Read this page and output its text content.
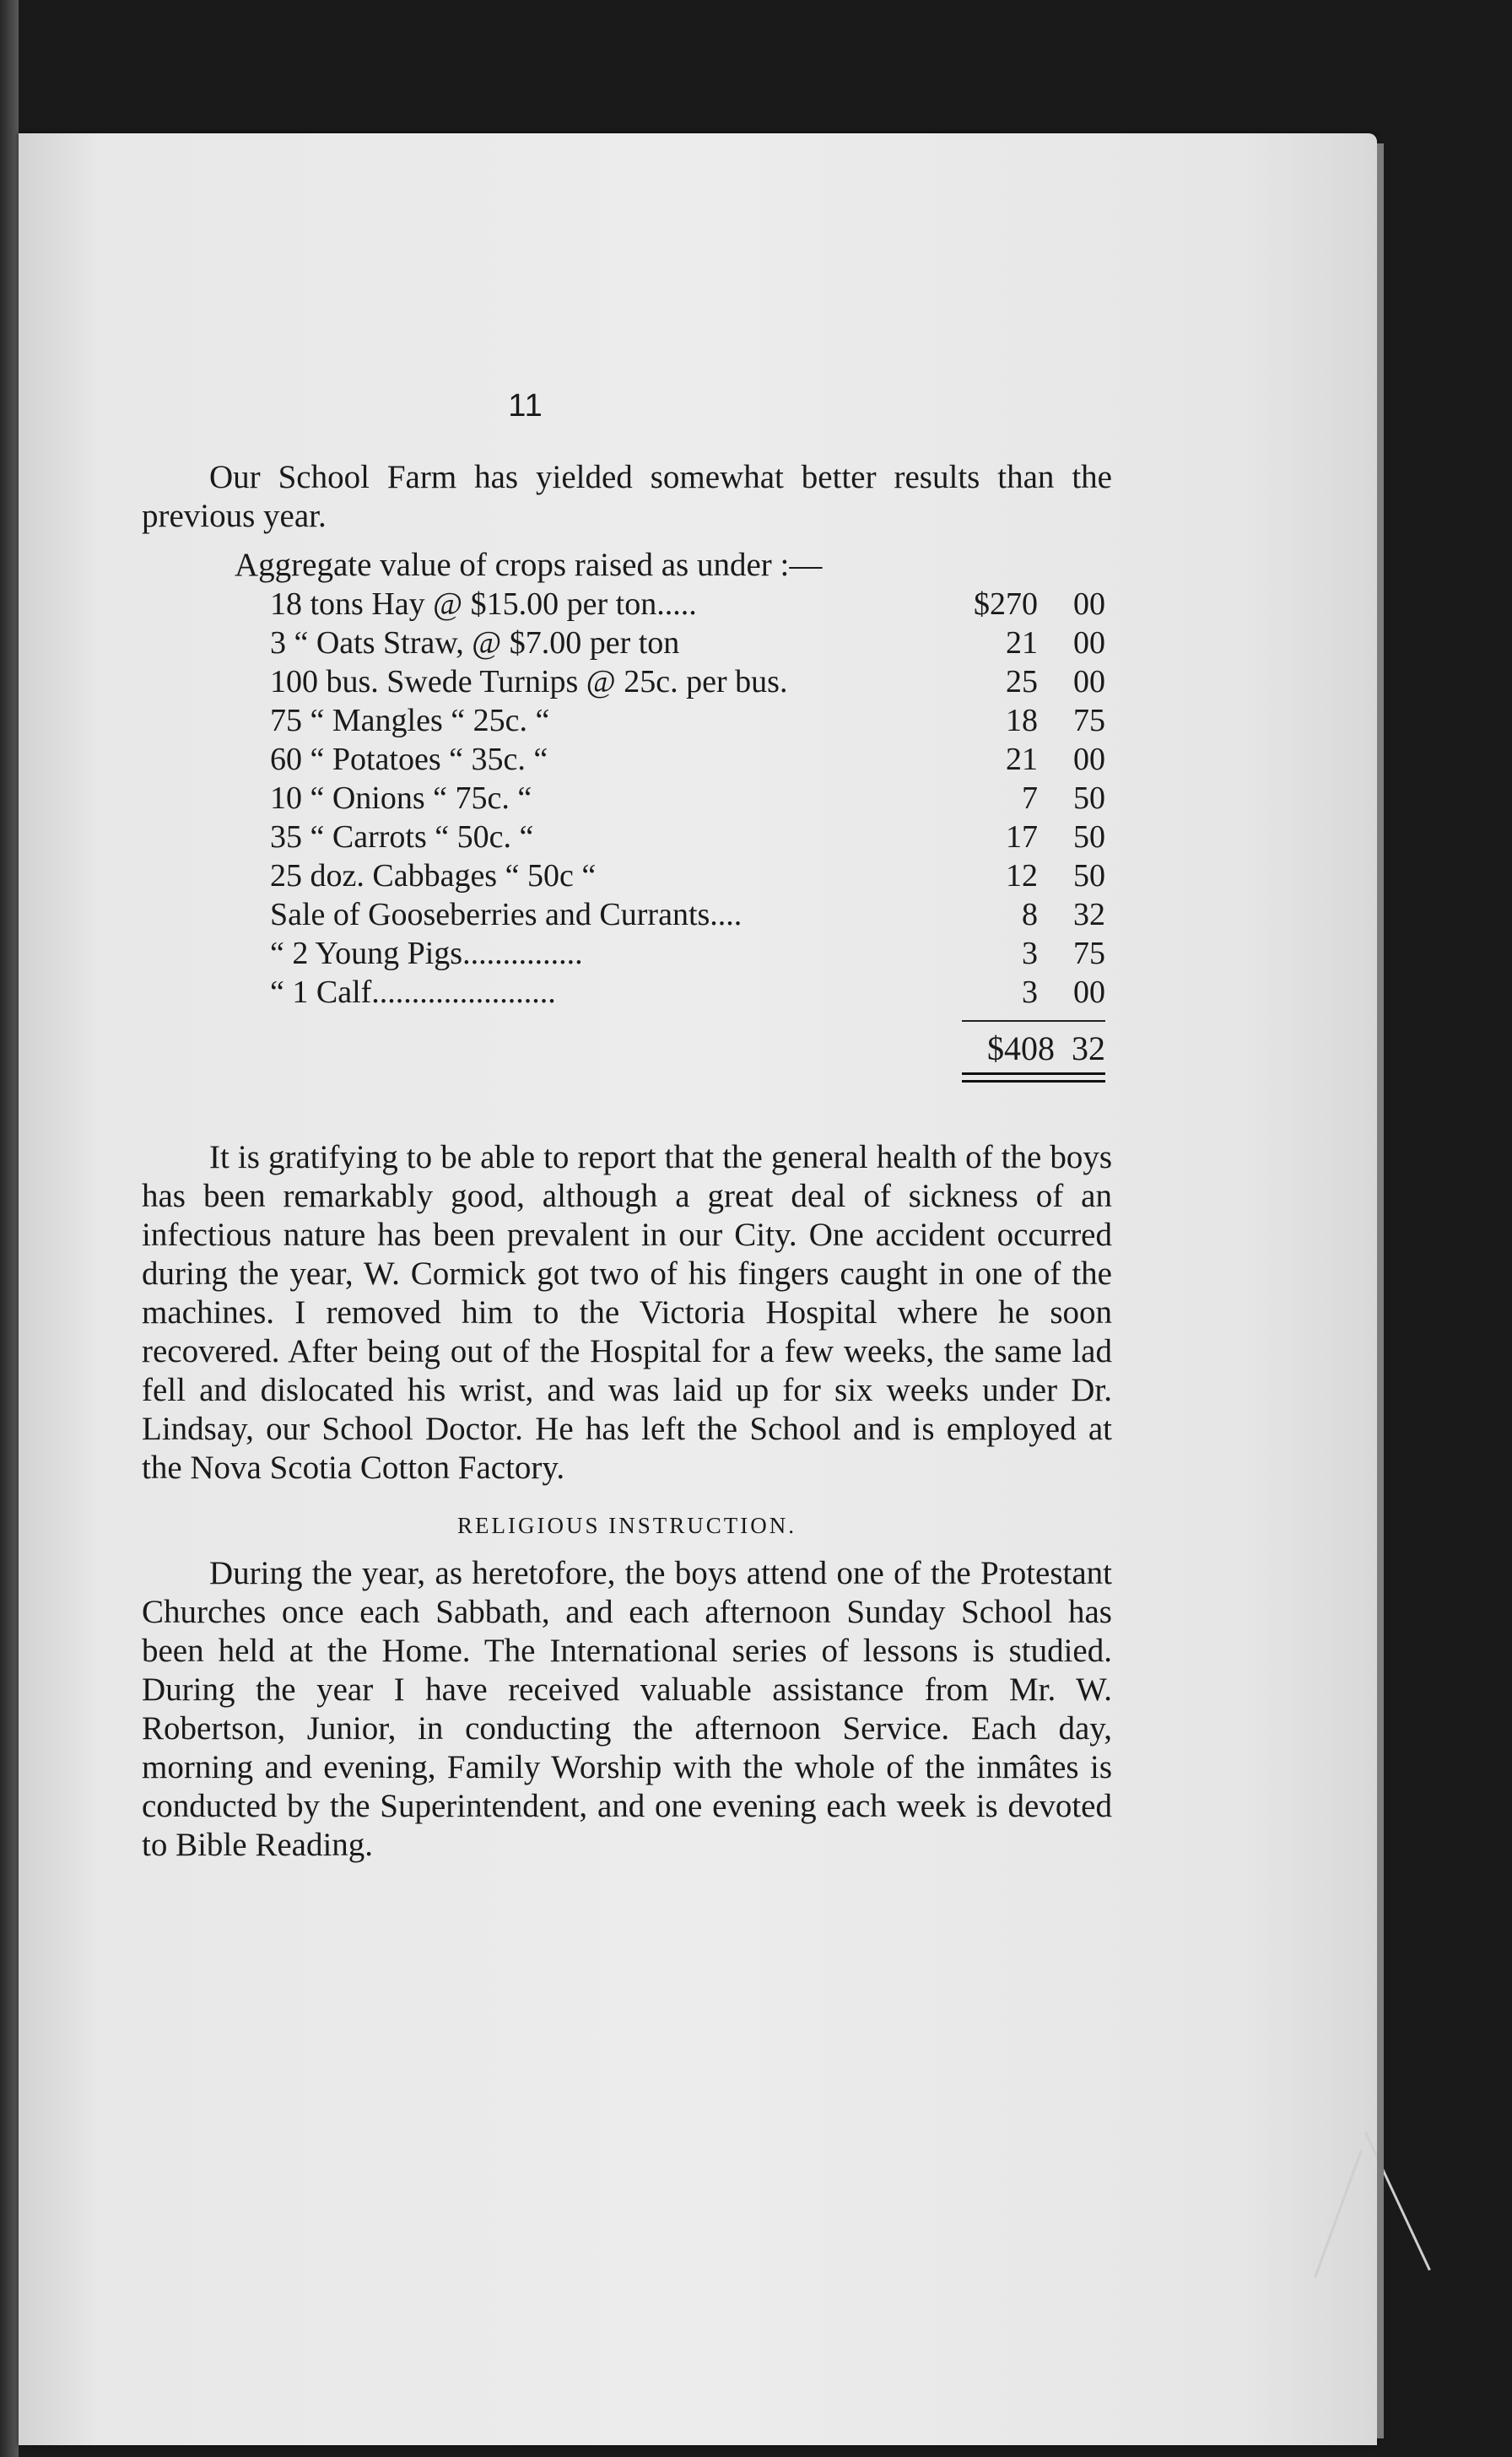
11

Our School Farm has yielded somewhat better results than the previous year.

Aggregate value of crops raised as under :—
18 tons Hay @ $15.00 per ton.....	$270	00
3 “ Oats Straw, @ $7.00 per ton	21	00
100 bus. Swede Turnips @ 25c. per bus.	25	00
75 “ Mangles “ 25c. “	18	75
60 “ Potatoes “ 35c. “	21	00
10 “ Onions “ 75c. “	7	50
35 “ Carrots “ 50c. “	17	50
25 doz. Cabbages “ 50c “	12	50
Sale of Gooseberries and Currants....	8	32
“ 2 Young Pigs...............	3	75
“ 1 Calf.......................	3	00
$408 32

It is gratifying to be able to report that the general health of the boys has been remarkably good, although a great deal of sickness of an infectious nature has been prevalent in our City. One accident occurred during the year, W. Cormick got two of his fingers caught in one of the machines. I removed him to the Victoria Hospital where he soon recovered. After being out of the Hospital for a few weeks, the same lad fell and dislocated his wrist, and was laid up for six weeks under Dr. Lindsay, our School Doctor. He has left the School and is employed at the Nova Scotia Cotton Factory.

RELIGIOUS INSTRUCTION.

During the year, as heretofore, the boys attend one of the Protestant Churches once each Sabbath, and each afternoon Sunday School has been held at the Home. The International series of lessons is studied. During the year I have received valuable assistance from Mr. W. Robertson, Junior, in conducting the afternoon Service. Each day, morning and evening, Family Worship with the whole of the inmâtes is conducted by the Superintendent, and one evening each week is devoted to Bible Reading.
